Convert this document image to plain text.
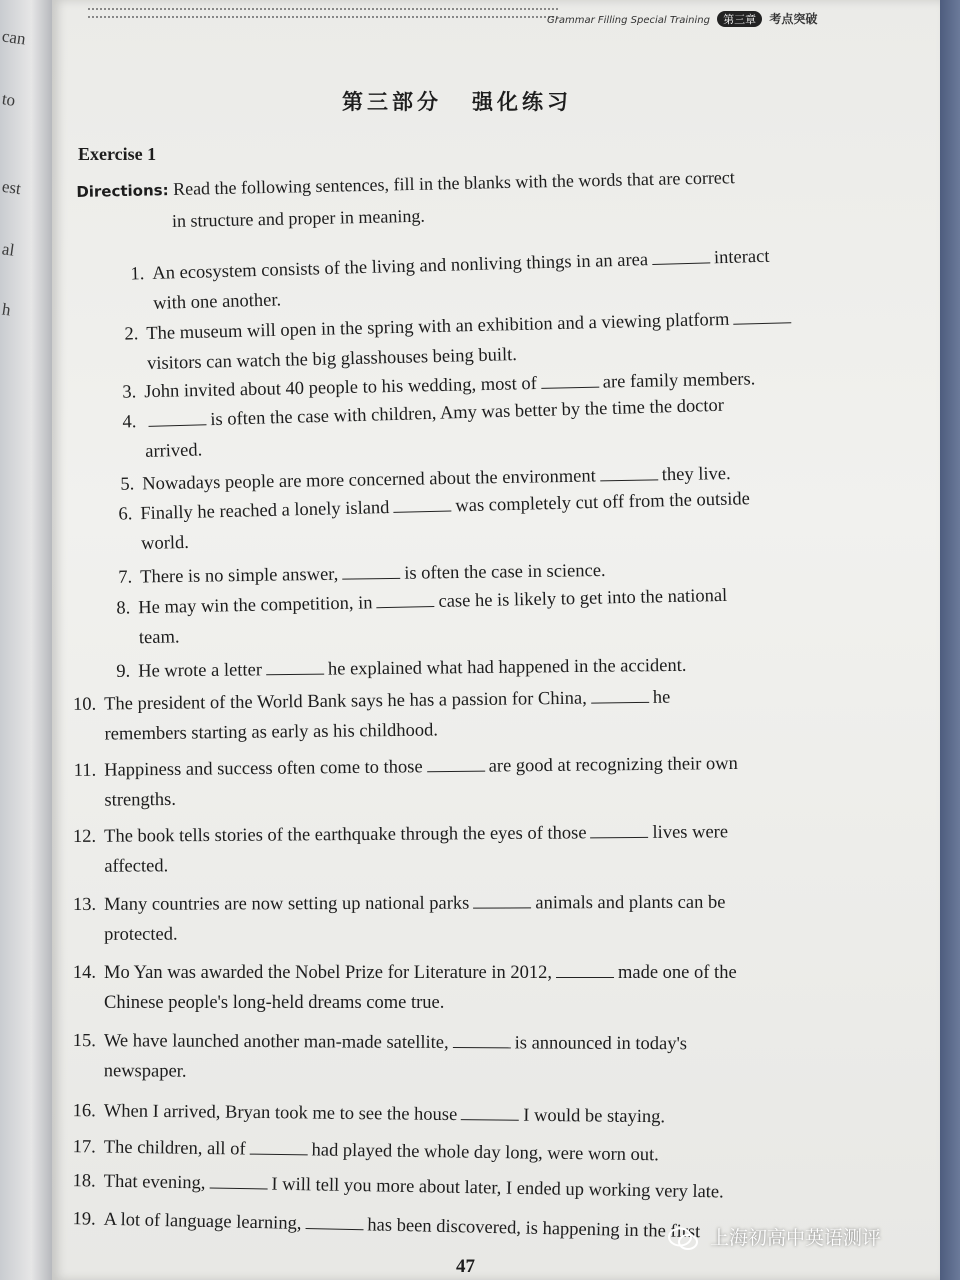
can
to
est
al
h
Grammar Filling Special Training 第三章 考点突破
第三部分 强化练习
Exercise 1
Directions: Read the following sentences, fill in the blanks with the words that are correct
in structure and proper in meaning.
1. An ecosystem consists of the living and nonliving things in an area	interact
with one another.
2. The museum will open in the spring with an exhibition and a viewing platform
visitors can watch the big glasshouses being built.
3. John invited about 40 people to his wedding, most of	are family members.
4.	is often the case with children, Amy was better by the time the doctor
arrived.
5. Nowadays people are more concerned about the environment	they live.
6. Finally he reached a lonely island	was completely cut off from the outside
world.
7. There is no simple answer,	is often the case in science.
8. He may win the competition, in	case he is likely to get into the national
team.
9. He wrote a letter	he explained what had happened in the accident.
10. The president of the World Bank says he has a passion for China,	he
remembers starting as early as his childhood.
11. Happiness and success often come to those	are good at recognizing their own
strengths.
12. The book tells stories of the earthquake through the eyes of those	lives were
affected.
13. Many countries are now setting up national parks	animals and plants can be
protected.
14. Mo Yan was awarded the Nobel Prize for Literature in 2012,	made one of the
Chinese people's long-held dreams come true.
15. We have launched another man-made satellite,	is announced in today's
newspaper.
16. When I arrived, Bryan took me to see the house	I would be staying.
17. The children, all of	had played the whole day long, were worn out.
18. That evening,	I will tell you more about later, I ended up working very late.
19. A lot of language learning,	has been discovered, is happening in the first
47
上海初高中英语测评
